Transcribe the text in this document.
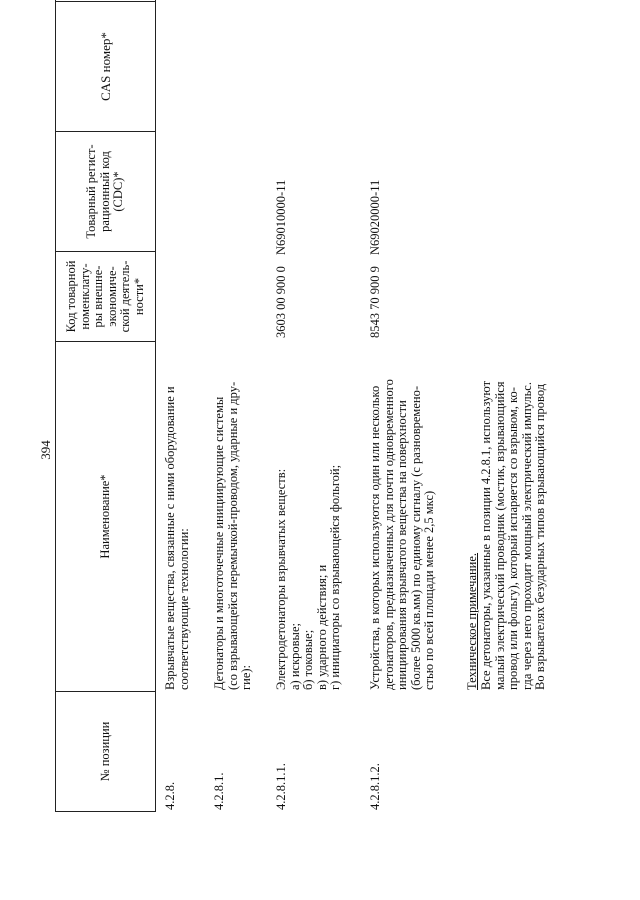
394
№ позиции
Наименование*
Код товарной номенклату- ры внешне- экономиче- ской деятель- ности*
Товарный регист- рационный код (CDC)*
CAS номер*
4.2.8.
Взрывчатые вещества, связанные с ними оборудование и соответствующие технологии:
4.2.8.1.
Детонаторы и многоточечные инициирующие системы (со взрывающейся перемычкой-проводом, ударные и дру- гие):
4.2.8.1.1.
Электродетонаторы взрывчатых веществ: а) искровые; б) токовые; в) ударного действия; и г) инициаторы со взрывающейся фольгой;
3603 00 900 0
N69010000-11
4.2.8.1.2.
Устройства, в которых используются один или несколько детонаторов, предназначенных для почти одновременного инициирования взрывчатого вещества на поверхности (более 5000 кв.мм) по единому сигналу (с разновремено- стью по всей площади менее 2,5 мкс)
8543 70 900 9
N69020000-11
Техническое примечание. Все детонаторы, указанные в позиции 4.2.8.1, используют малый электрический проводник (мостик, взрывающийся провод или фольгу), который испаряется со взрывом, ко- гда через него проходит мощный электрический импульс. Во взрывателях безударных типов взрывающийся провод
